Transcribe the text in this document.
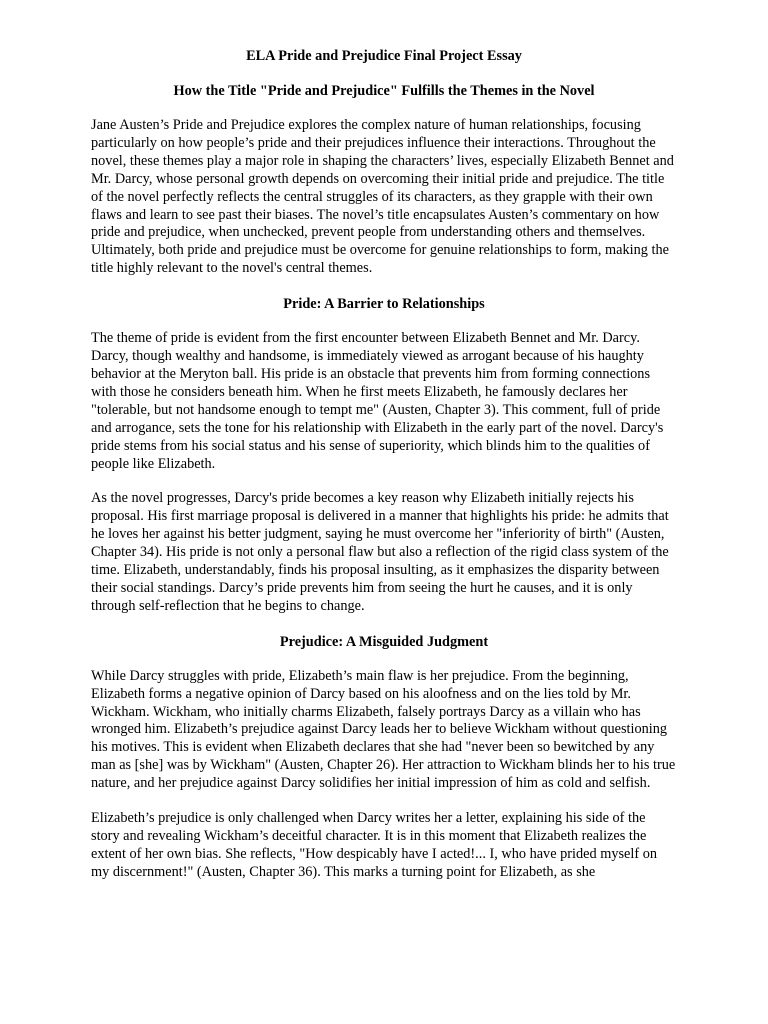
ELA Pride and Prejudice Final Project Essay
How the Title "Pride and Prejudice" Fulfills the Themes in the Novel

Jane Austen’s Pride and Prejudice explores the complex nature of human relationships, focusing particularly on how people’s pride and their prejudices influence their interactions. Throughout the novel, these themes play a major role in shaping the characters’ lives, especially Elizabeth Bennet and Mr. Darcy, whose personal growth depends on overcoming their initial pride and prejudice. The title of the novel perfectly reflects the central struggles of its characters, as they grapple with their own flaws and learn to see past their biases. The novel’s title encapsulates Austen’s commentary on how pride and prejudice, when unchecked, prevent people from understanding others and themselves. Ultimately, both pride and prejudice must be overcome for genuine relationships to form, making the title highly relevant to the novel's central themes.

Pride: A Barrier to Relationships

The theme of pride is evident from the first encounter between Elizabeth Bennet and Mr. Darcy. Darcy, though wealthy and handsome, is immediately viewed as arrogant because of his haughty behavior at the Meryton ball. His pride is an obstacle that prevents him from forming connections with those he considers beneath him. When he first meets Elizabeth, he famously declares her "tolerable, but not handsome enough to tempt me" (Austen, Chapter 3). This comment, full of pride and arrogance, sets the tone for his relationship with Elizabeth in the early part of the novel. Darcy's pride stems from his social status and his sense of superiority, which blinds him to the qualities of people like Elizabeth.

As the novel progresses, Darcy's pride becomes a key reason why Elizabeth initially rejects his proposal. His first marriage proposal is delivered in a manner that highlights his pride: he admits that he loves her against his better judgment, saying he must overcome her "inferiority of birth" (Austen, Chapter 34). His pride is not only a personal flaw but also a reflection of the rigid class system of the time. Elizabeth, understandably, finds his proposal insulting, as it emphasizes the disparity between their social standings. Darcy’s pride prevents him from seeing the hurt he causes, and it is only through self-reflection that he begins to change.

Prejudice: A Misguided Judgment

While Darcy struggles with pride, Elizabeth’s main flaw is her prejudice. From the beginning, Elizabeth forms a negative opinion of Darcy based on his aloofness and on the lies told by Mr. Wickham. Wickham, who initially charms Elizabeth, falsely portrays Darcy as a villain who has wronged him. Elizabeth’s prejudice against Darcy leads her to believe Wickham without questioning his motives. This is evident when Elizabeth declares that she had "never been so bewitched by any man as [she] was by Wickham" (Austen, Chapter 26). Her attraction to Wickham blinds her to his true nature, and her prejudice against Darcy solidifies her initial impression of him as cold and selfish.

Elizabeth’s prejudice is only challenged when Darcy writes her a letter, explaining his side of the story and revealing Wickham’s deceitful character. It is in this moment that Elizabeth realizes the extent of her own bias. She reflects, "How despicably have I acted!... I, who have prided myself on my discernment!" (Austen, Chapter 36). This marks a turning point for Elizabeth, as she
